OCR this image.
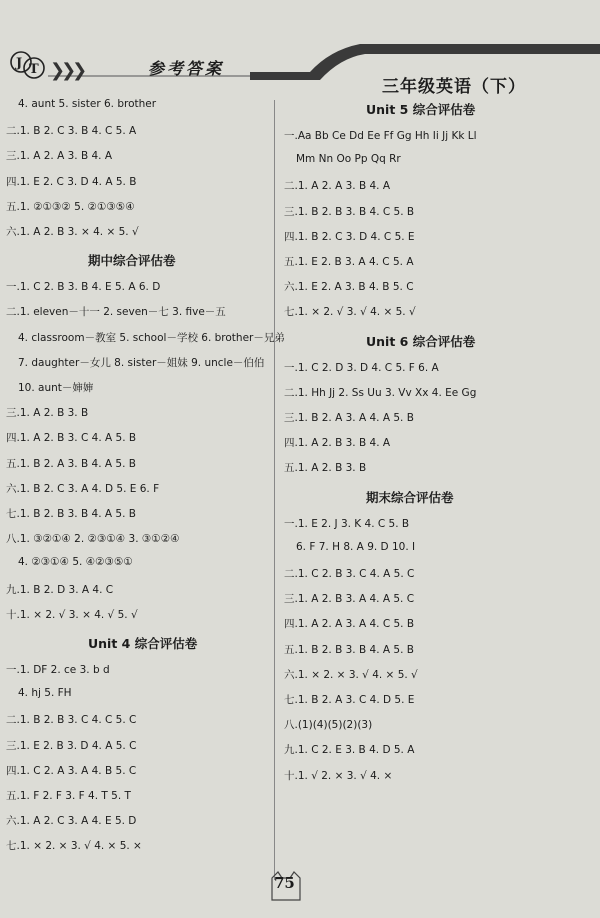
J T ❯❯❯	参考答案
三年级英语（下）
4. aunt 5. sister 6. brother
二.1. B 2. C 3. B 4. C 5. A
三.1. A 2. A 3. B 4. A
四.1. E 2. C 3. D 4. A 5. B
五.1. ②①③② 5. ②①③⑤④
六.1. A 2. B 3. × 4. × 5. √
期中综合评估卷
一.1. C 2. B 3. B 4. E 5. A 6. D
二.1. eleven－十一 2. seven－七 3. five－五
4. classroom－教室 5. school－学校 6. brother－兄弟
7. daughter－女儿 8. sister－姐妹 9. uncle－伯伯
10. aunt－婶婶
三.1. A 2. B 3. B
四.1. A 2. B 3. C 4. A 5. B
五.1. B 2. A 3. B 4. A 5. B
六.1. B 2. C 3. A 4. D 5. E 6. F
七.1. B 2. B 3. B 4. A 5. B
八.1. ③②①④ 2. ②③①④ 3. ③①②④
4. ②③①④ 5. ④②③⑤①
九.1. B 2. D 3. A 4. C
十.1. × 2. √ 3. × 4. √ 5. √
Unit 4 综合评估卷
一.1. DF 2. ce 3. b d
4. hj 5. FH
二.1. B 2. B 3. C 4. C 5. C
三.1. E 2. B 3. D 4. A 5. C
四.1. C 2. A 3. A 4. B 5. C
五.1. F 2. F 3. F 4. T 5. T
六.1. A 2. C 3. A 4. E 5. D
七.1. × 2. × 3. √ 4. × 5. ×
Unit 5 综合评估卷
一.Aa Bb Ce Dd Ee Ff Gg Hh Ii Jj Kk Ll
Mm Nn Oo Pp Qq Rr
二.1. A 2. A 3. B 4. A
三.1. B 2. B 3. B 4. C 5. B
四.1. B 2. C 3. D 4. C 5. E
五.1. E 2. B 3. A 4. C 5. A
六.1. E 2. A 3. B 4. B 5. C
七.1. × 2. √ 3. √ 4. × 5. √
Unit 6 综合评估卷
一.1. C 2. D 3. D 4. C 5. F 6. A
二.1. Hh Jj 2. Ss Uu 3. Vv Xx 4. Ee Gg
三.1. B 2. A 3. A 4. A 5. B
四.1. A 2. B 3. B 4. A
五.1. A 2. B 3. B
期末综合评估卷
一.1. E 2. J 3. K 4. C 5. B
6. F 7. H 8. A 9. D 10. I
二.1. C 2. B 3. C 4. A 5. C
三.1. A 2. B 3. A 4. A 5. C
四.1. A 2. A 3. A 4. C 5. B
五.1. B 2. B 3. B 4. A 5. B
六.1. × 2. × 3. √ 4. × 5. √
七.1. B 2. A 3. C 4. D 5. E
八.(1)(4)(5)(2)(3)
九.1. C 2. E 3. B 4. D 5. A
十.1. √ 2. × 3. √ 4. ×
75
